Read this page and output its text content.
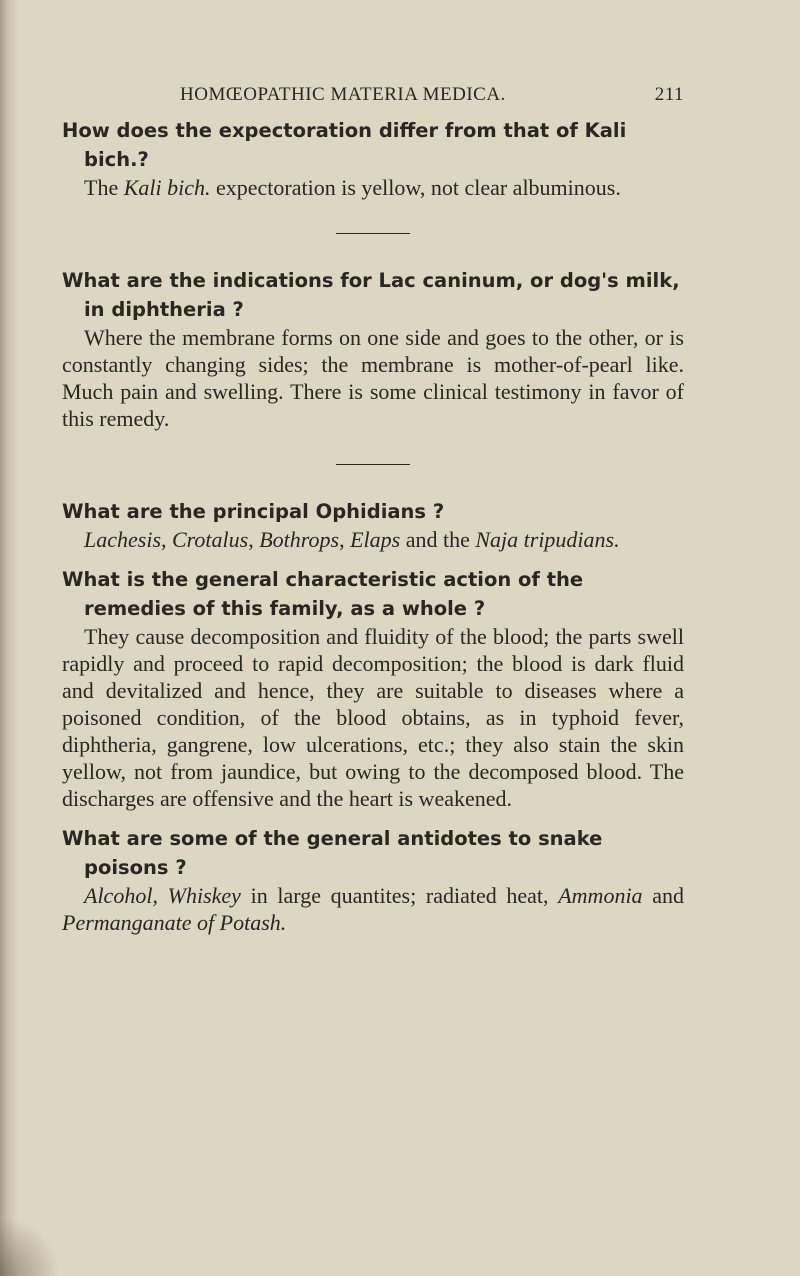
HOMŒOPATHIC MATERIA MEDICA.	211

How does the expectoration differ from that of Kali bich.?

The Kali bich. expectoration is yellow, not clear albuminous.

What are the indications for Lac caninum, or dog's milk, in diphtheria ?

Where the membrane forms on one side and goes to the other, or is constantly changing sides; the membrane is mother-of-pearl like. Much pain and swelling. There is some clinical testimony in favor of this remedy.

What are the principal Ophidians ?

Lachesis, Crotalus, Bothrops, Elaps and the Naja tripudians.

What is the general characteristic action of the remedies of this family, as a whole ?

They cause decomposition and fluidity of the blood; the parts swell rapidly and proceed to rapid decomposition; the blood is dark fluid and devitalized and hence, they are suitable to diseases where a poisoned condition, of the blood obtains, as in typhoid fever, diphtheria, gangrene, low ulcerations, etc.; they also stain the skin yellow, not from jaundice, but owing to the decomposed blood. The discharges are offensive and the heart is weakened.

What are some of the general antidotes to snake poisons ?

Alcohol, Whiskey in large quantites; radiated heat, Ammonia and Permanganate of Potash.
